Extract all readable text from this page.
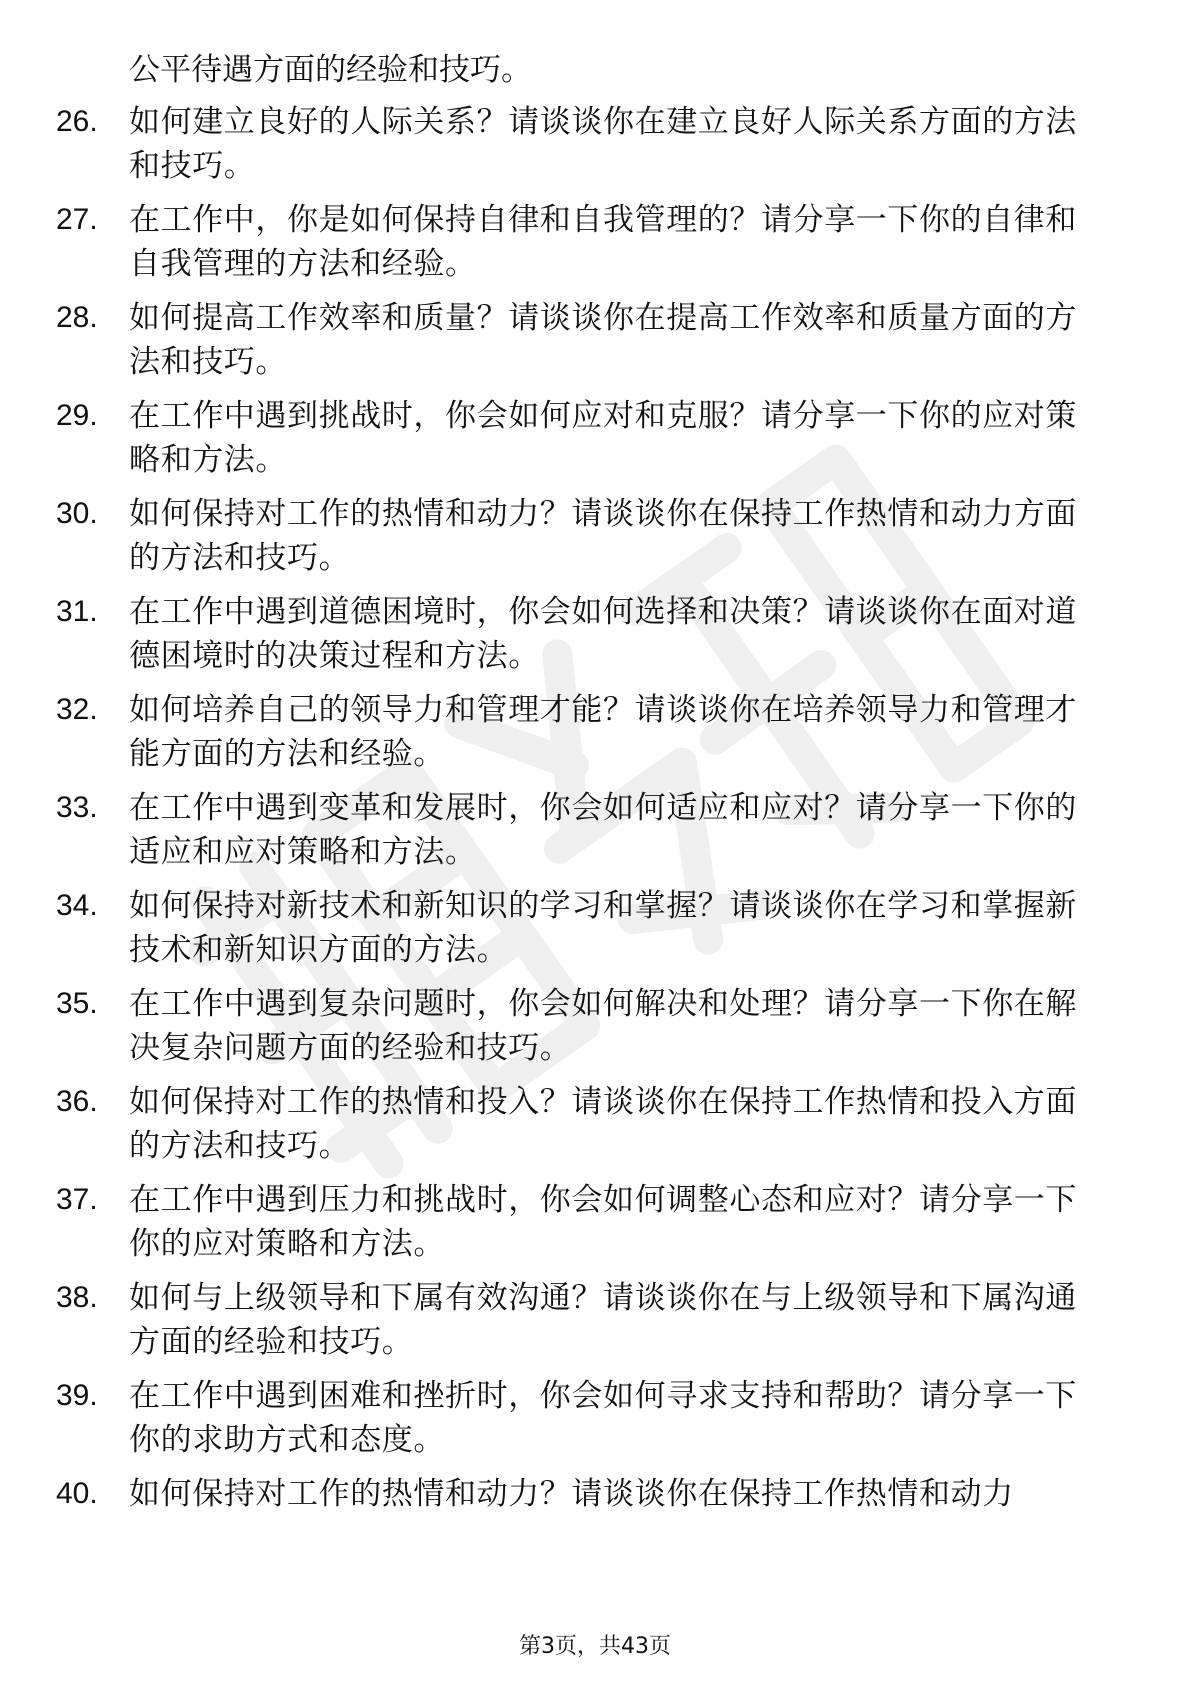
公平待遇方面的经验和技巧。
26.	如何建立良好的人际关系？请谈谈你在建立良好人际关系方面的方法和技巧。
27.	在工作中，你是如何保持自律和自我管理的？请分享一下你的自律和自我管理的方法和经验。
28.	如何提高工作效率和质量？请谈谈你在提高工作效率和质量方面的方法和技巧。
29.	在工作中遇到挑战时，你会如何应对和克服？请分享一下你的应对策略和方法。
30.	如何保持对工作的热情和动力？请谈谈你在保持工作热情和动力方面的方法和技巧。
31.	在工作中遇到道德困境时，你会如何选择和决策？请谈谈你在面对道德困境时的决策过程和方法。
32.	如何培养自己的领导力和管理才能？请谈谈你在培养领导力和管理才能方面的方法和经验。
33.	在工作中遇到变革和发展时，你会如何适应和应对？请分享一下你的适应和应对策略和方法。
34.	如何保持对新技术和新知识的学习和掌握？请谈谈你在学习和掌握新技术和新知识方面的方法。
35.	在工作中遇到复杂问题时，你会如何解决和处理？请分享一下你在解决复杂问题方面的经验和技巧。
36.	如何保持对工作的热情和投入？请谈谈你在保持工作热情和投入方面的方法和技巧。
37.	在工作中遇到压力和挑战时，你会如何调整心态和应对？请分享一下你的应对策略和方法。
38.	如何与上级领导和下属有效沟通？请谈谈你在与上级领导和下属沟通方面的经验和技巧。
39.	在工作中遇到困难和挫折时，你会如何寻求支持和帮助？请分享一下你的求助方式和态度。
40.	如何保持对工作的热情和动力？请谈谈你在保持工作热情和动力
第3页，共43页
